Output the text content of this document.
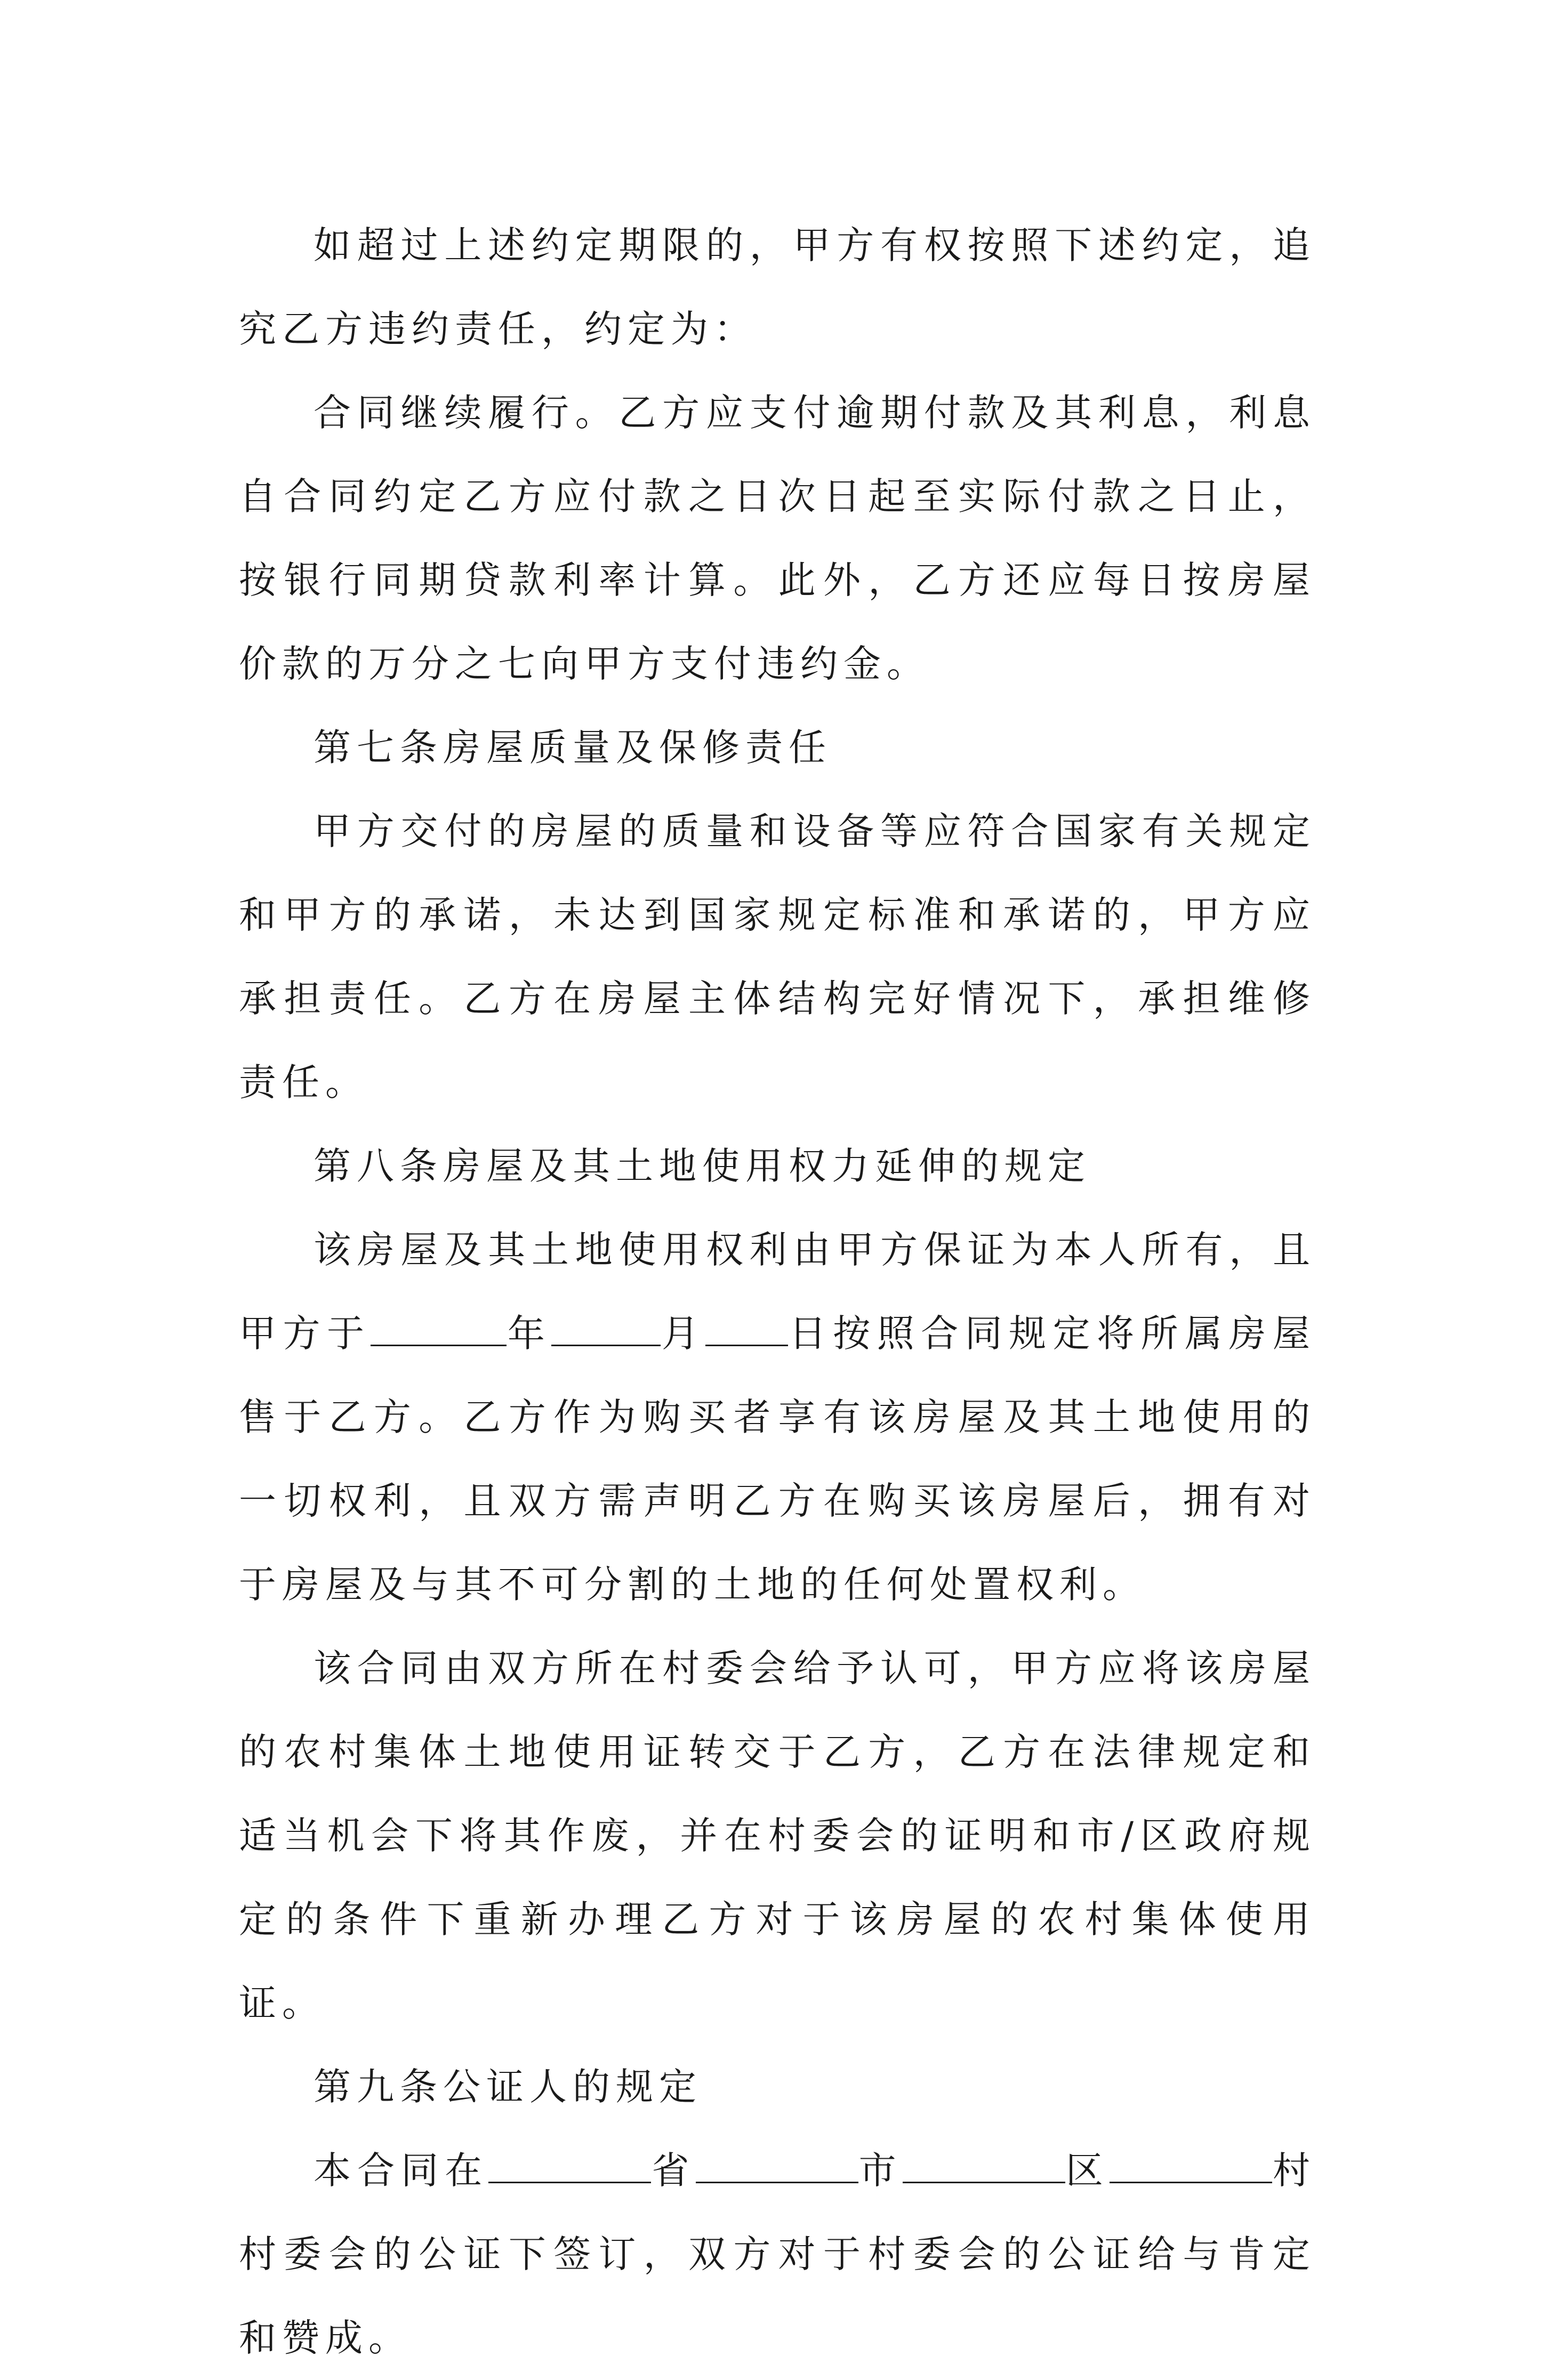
如超过上述约定期限的，甲方有权按照下述约定，追究乙方违约责任，约定为：

合同继续履行。乙方应支付逾期付款及其利息，利息自合同约定乙方应付款之日次日起至实际付款之日止，按银行同期贷款利率计算。此外，乙方还应每日按房屋价款的万分之七向甲方支付违约金。

第七条房屋质量及保修责任

甲方交付的房屋的质量和设备等应符合国家有关规定和甲方的承诺，未达到国家规定标准和承诺的，甲方应承担责任。乙方在房屋主体结构完好情况下，承担维修责任。

第八条房屋及其土地使用权力延伸的规定

该房屋及其土地使用权利由甲方保证为本人所有，且甲方于	年	月 日按照合同规定将所属房屋售于乙方。乙方作为购买者享有该房屋及其土地使用的一切权利，且双方需声明乙方在购买该房屋后，拥有对于房屋及与其不可分割的土地的任何处置权利。

该合同由双方所在村委会给予认可，甲方应将该房屋的农村集体土地使用证转交于乙方，乙方在法律规定和适当机会下将其作废，并在村委会的证明和市/区政府规定的条件下重新办理乙方对于该房屋的农村集体使用证。

第九条公证人的规定

本合同在	省	市	区	村村委会的公证下签订，双方对于村委会的公证给与肯定和赞成。
